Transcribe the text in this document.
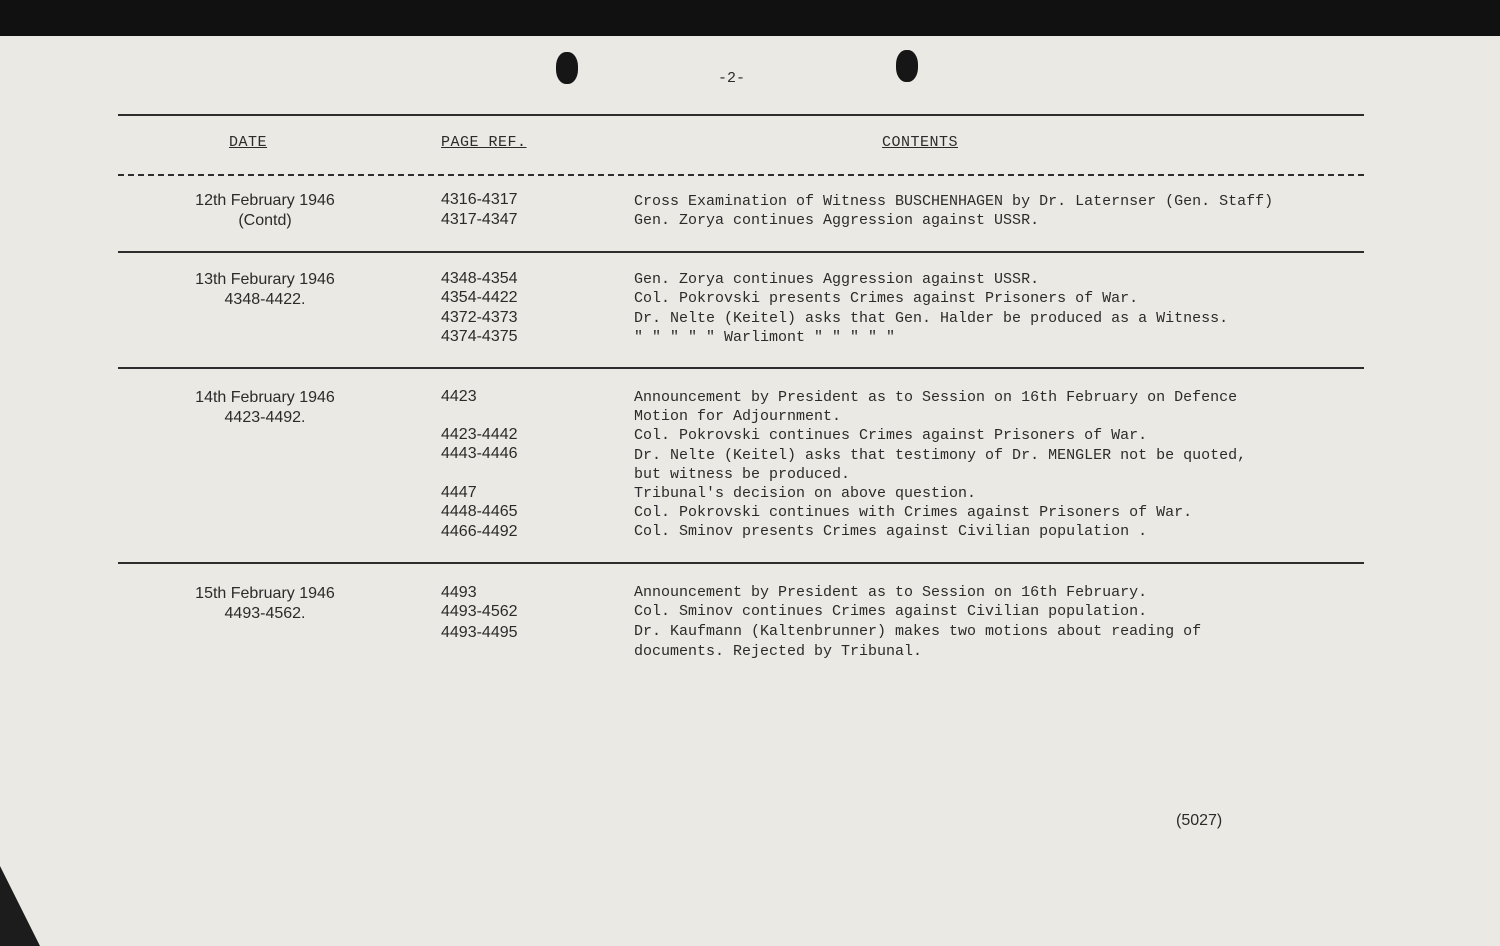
-2-
DATE	PAGE REF.	CONTENTS
12th February 1946
(Contd)
4316-4317
4317-4347
Cross Examination of Witness BUSCHENHAGEN by Dr. Laternser (Gen. Staff)
Gen. Zorya continues Aggression against USSR.
13th Feburary 1946
4348-4422.
4348-4354
4354-4422
4372-4373
4374-4375
Gen. Zorya continues Aggression against USSR.
Col. Pokrovski presents Crimes against Prisoners of War.
Dr. Nelte (Keitel) asks that Gen. Halder be produced as a Witness.
" " " " " Warlimont " " " " "
14th February 1946
4423-4492.
4423
4423-4442
4443-4446
4447
4448-4465
4466-4492
Announcement by President as to Session on 16th February on Defence
Motion for Adjournment.
Col. Pokrovski continues Crimes against Prisoners of War.
Dr. Nelte (Keitel) asks that testimony of Dr. MENGLER not be quoted,
but witness be produced.
Tribunal's decision on above question.
Col. Pokrovski continues with Crimes against Prisoners of War.
Col. Sminov presents Crimes against Civilian population .
15th February 1946
4493-4562.
4493
4493-4562
4493-4495
Announcement by President as to Session on 16th February.
Col. Sminov continues Crimes against Civilian population.
Dr. Kaufmann (Kaltenbrunner) makes two motions about reading of
documents. Rejected by Tribunal.
(5027)
